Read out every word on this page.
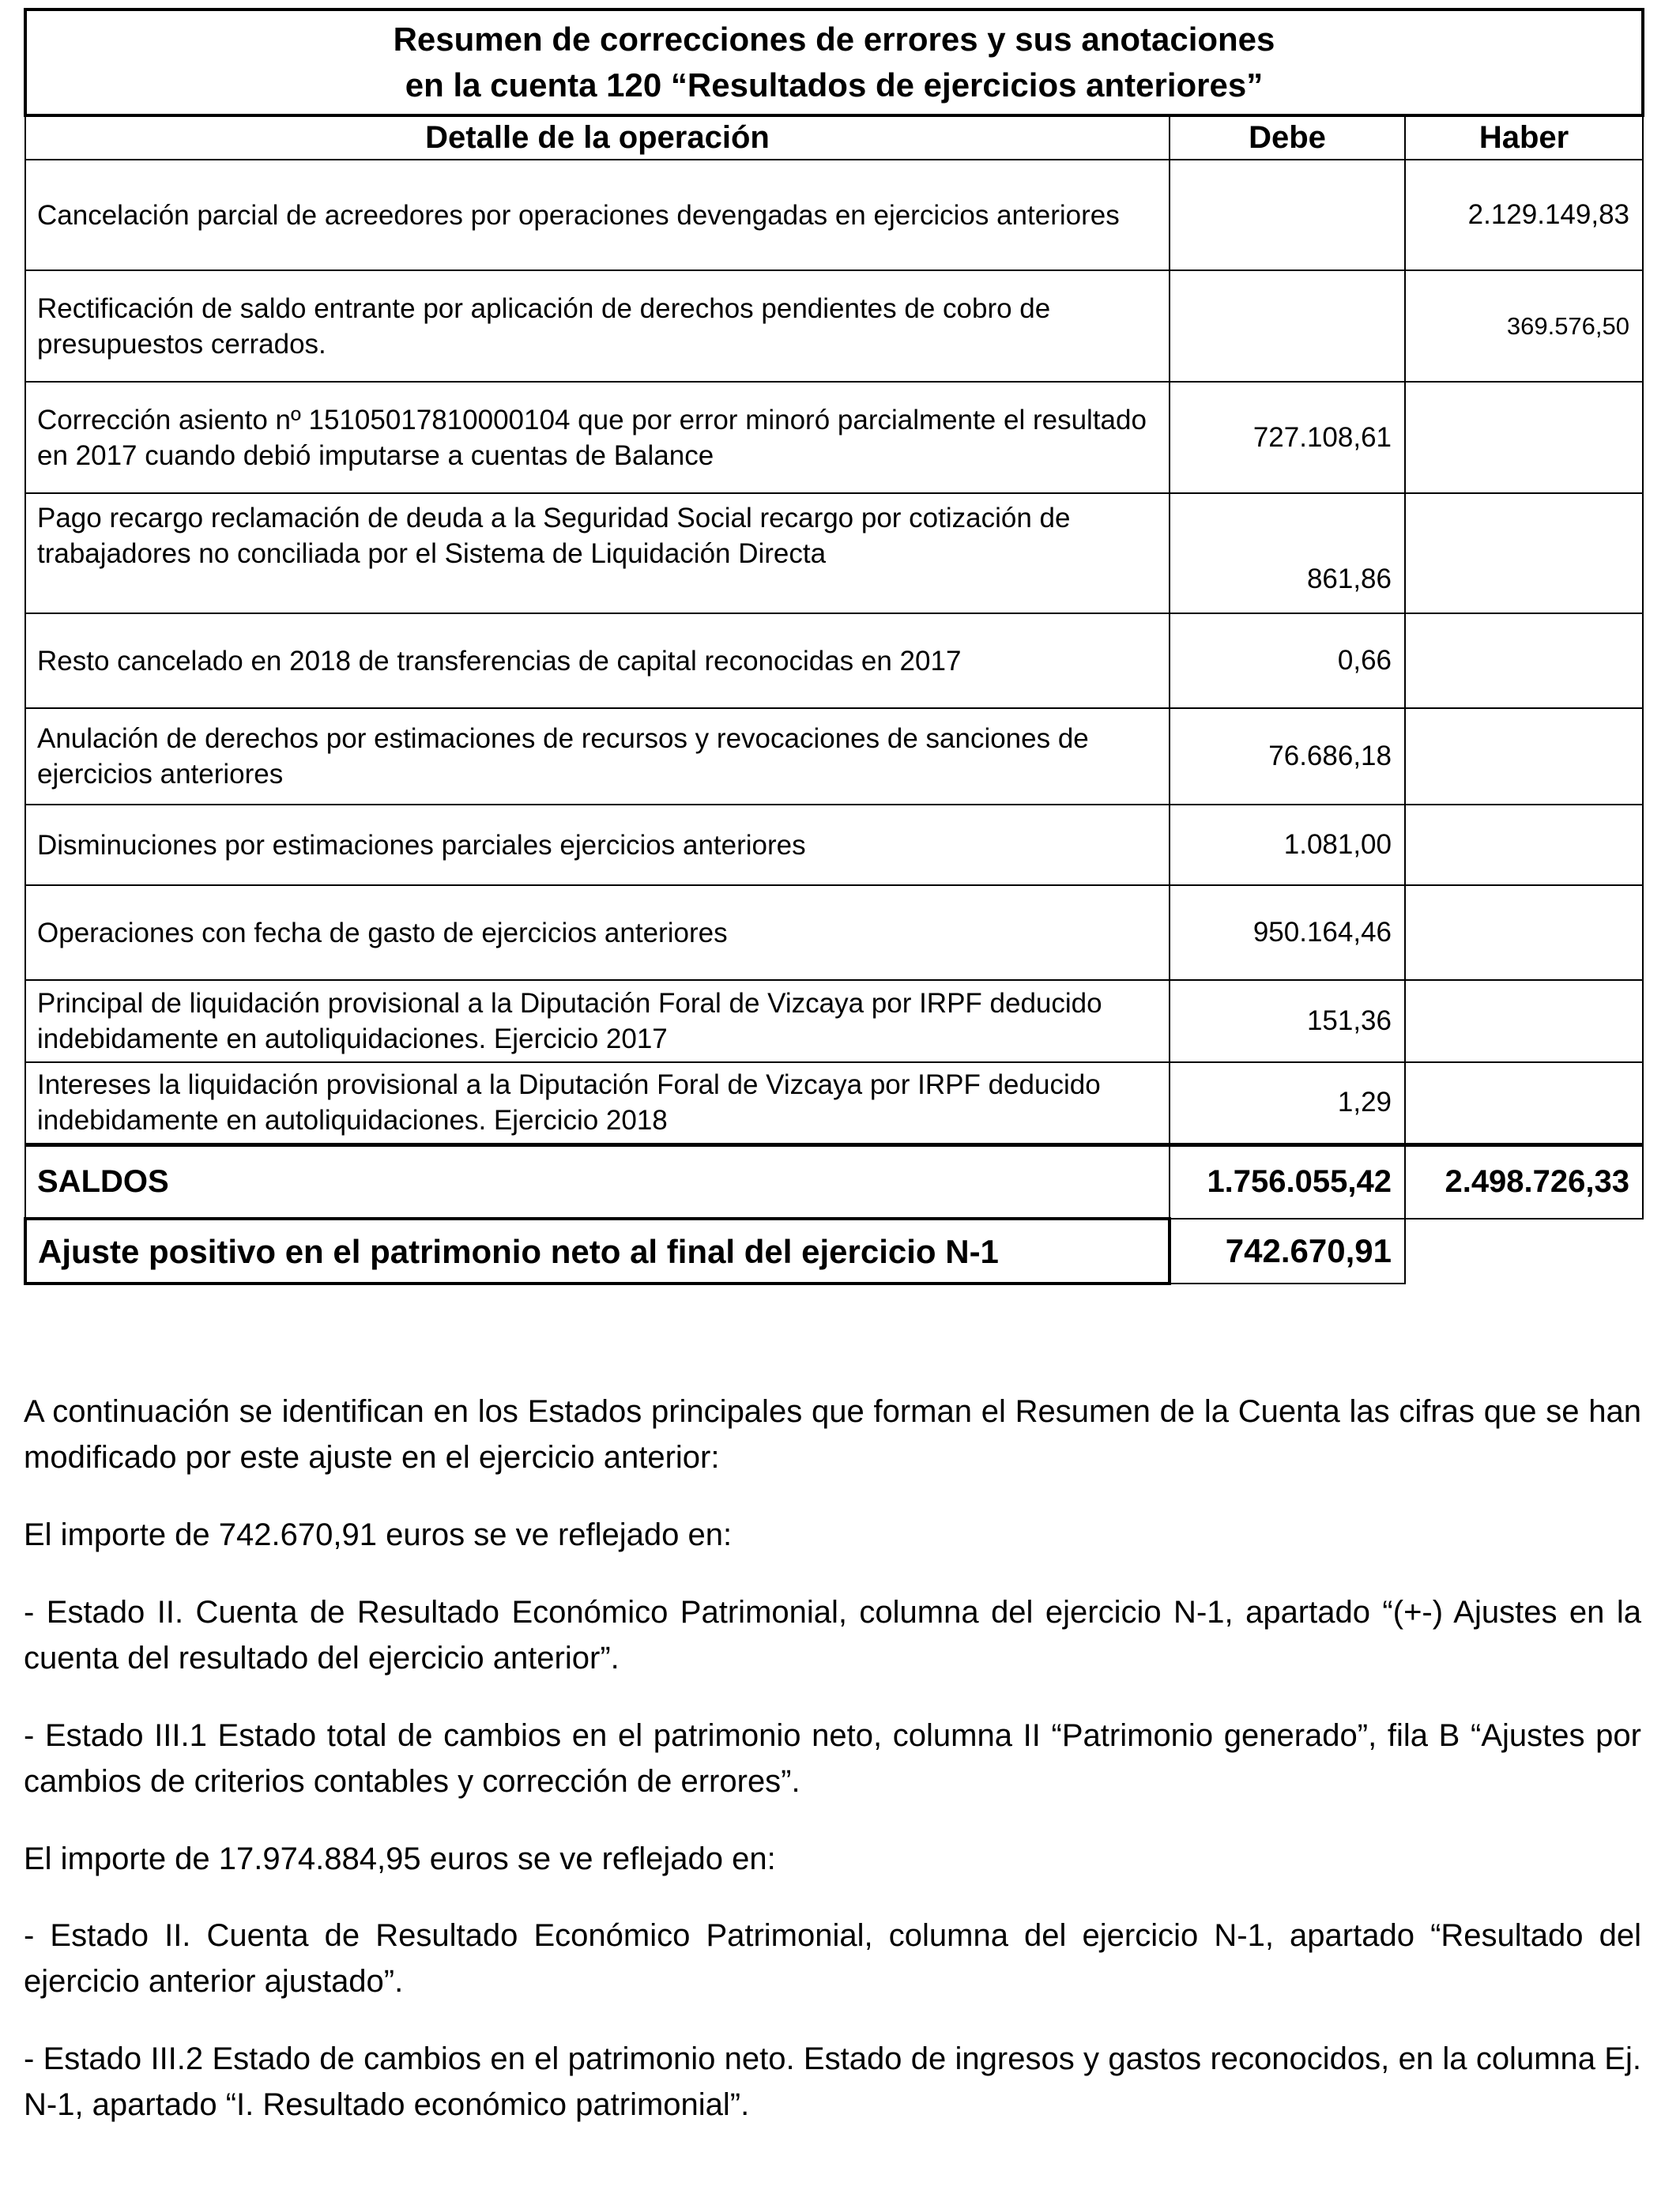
Resumen de correcciones de errores y sus anotaciones
en la cuenta 120 “Resultados de ejercicios anteriores”		

Detalle de la operación	Debe	Haber
Cancelación parcial de acreedores por operaciones devengadas en ejercicios anteriores		2.129.149,83
Rectificación de saldo entrante por aplicación de derechos pendientes de cobro de presupuestos cerrados.		369.576,50
Corrección asiento nº 15105017810000104 que por error minoró parcialmente el resultado en 2017 cuando debió imputarse a cuentas de Balance	727.108,61	
Pago recargo reclamación de deuda a la Seguridad Social recargo por cotización de trabajadores no conciliada por el Sistema de Liquidación Directa	861,86	
Resto cancelado en 2018 de transferencias de capital reconocidas en 2017	0,66	
Anulación de derechos por estimaciones de recursos y revocaciones de sanciones de ejercicios anteriores	76.686,18	
Disminuciones por estimaciones parciales ejercicios anteriores	1.081,00	
Operaciones con fecha de gasto de ejercicios anteriores	950.164,46	
Principal de liquidación provisional a la Diputación Foral de Vizcaya por IRPF deducido indebidamente en autoliquidaciones. Ejercicio 2017	151,36	
Intereses la liquidación provisional a la Diputación Foral de Vizcaya por IRPF deducido indebidamente en autoliquidaciones. Ejercicio 2018	1,29	
SALDOS	1.756.055,42	2.498.726,33
Ajuste positivo en el patrimonio neto al final del ejercicio N-1	742.670,91	
A continuación se identifican en los Estados principales que forman el Resumen de la Cuenta las cifras que se han modificado por este ajuste en el ejercicio anterior:
El importe de 742.670,91 euros se ve reflejado en:
- Estado II. Cuenta de Resultado Económico Patrimonial, columna del ejercicio N-1, apartado “(+-) Ajustes en la cuenta del resultado del ejercicio anterior”.
- Estado III.1 Estado total de cambios en el patrimonio neto, columna II “Patrimonio generado”, fila B “Ajustes por cambios de criterios contables y corrección de errores”.
El importe de 17.974.884,95 euros se ve reflejado en:
- Estado II. Cuenta de Resultado Económico Patrimonial, columna del ejercicio N-1, apartado “Resultado del ejercicio anterior ajustado”.
- Estado III.2 Estado de cambios en el patrimonio neto. Estado de ingresos y gastos reconocidos, en la columna Ej. N-1, apartado “I. Resultado económico patrimonial”.
